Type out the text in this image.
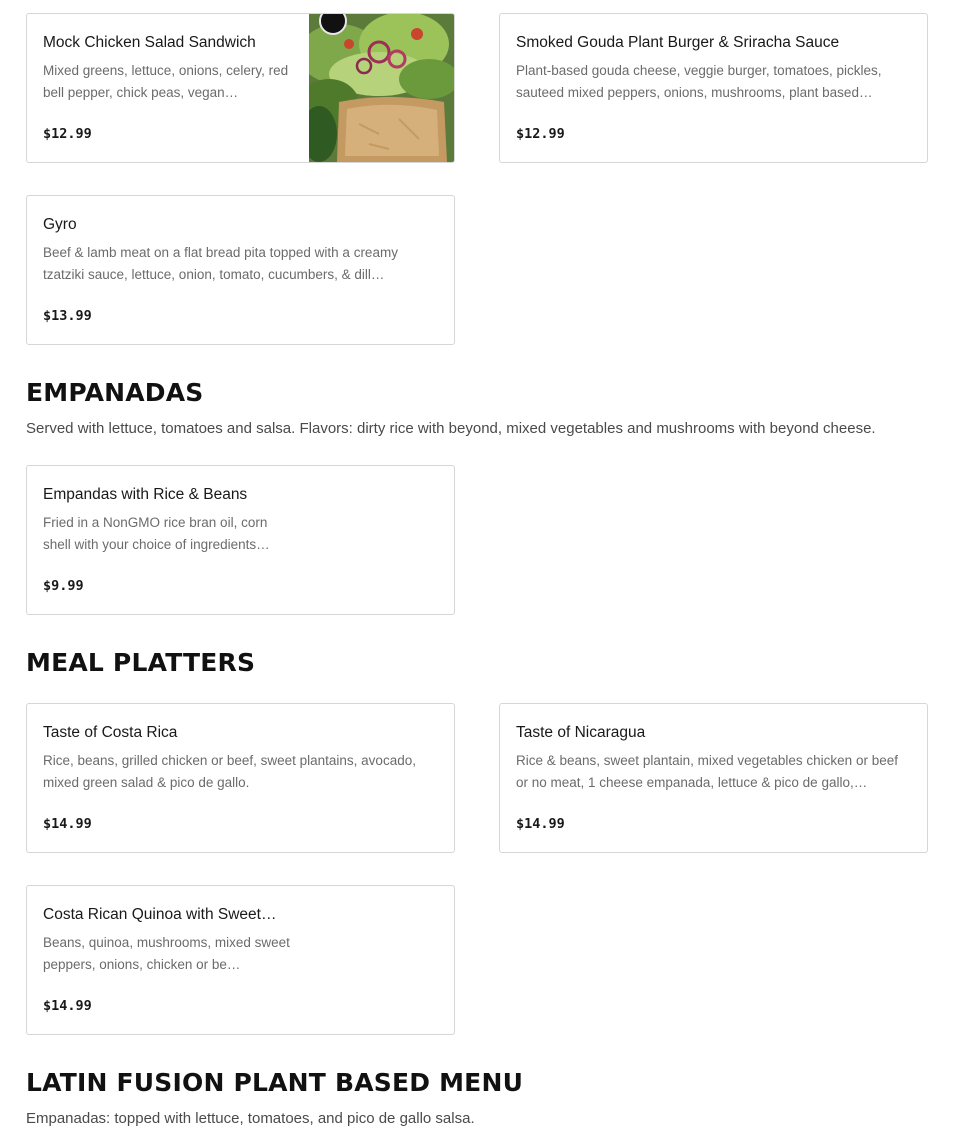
Mock Chicken Salad Sandwich
Mixed greens, lettuce, onions, celery, red bell pepper, chick peas, vegan…
$12.99
Smoked Gouda Plant Burger & Sriracha Sauce
Plant-based gouda cheese, veggie burger, tomatoes, pickles, sauteed mixed peppers, onions, mushrooms, plant based…
$12.99
Gyro
Beef & lamb meat on a flat bread pita topped with a creamy tzatziki sauce, lettuce, onion, tomato, cucumbers, & dill…
$13.99
EMPANADAS

Served with lettuce, tomatoes and salsa. Flavors: dirty rice with beyond, mixed vegetables and mushrooms with beyond cheese.

Empandas with Rice & Beans
Fried in a NonGMO rice bran oil, corn shell with your choice of ingredients…
$9.99
MEAL PLATTERS
Taste of Costa Rica
Rice, beans, grilled chicken or beef, sweet plantains, avocado, mixed green salad & pico de gallo.
$14.99
Taste of Nicaragua
Rice & beans, sweet plantain, mixed vegetables chicken or beef or no meat, 1 cheese empanada, lettuce & pico de gallo,…
$14.99
Costa Rican Quinoa with Sweet…
Beans, quinoa, mushrooms, mixed sweet peppers, onions, chicken or be…
$14.99
LATIN FUSION PLANT BASED MENU

Empanadas: topped with lettuce, tomatoes, and pico de gallo salsa.
